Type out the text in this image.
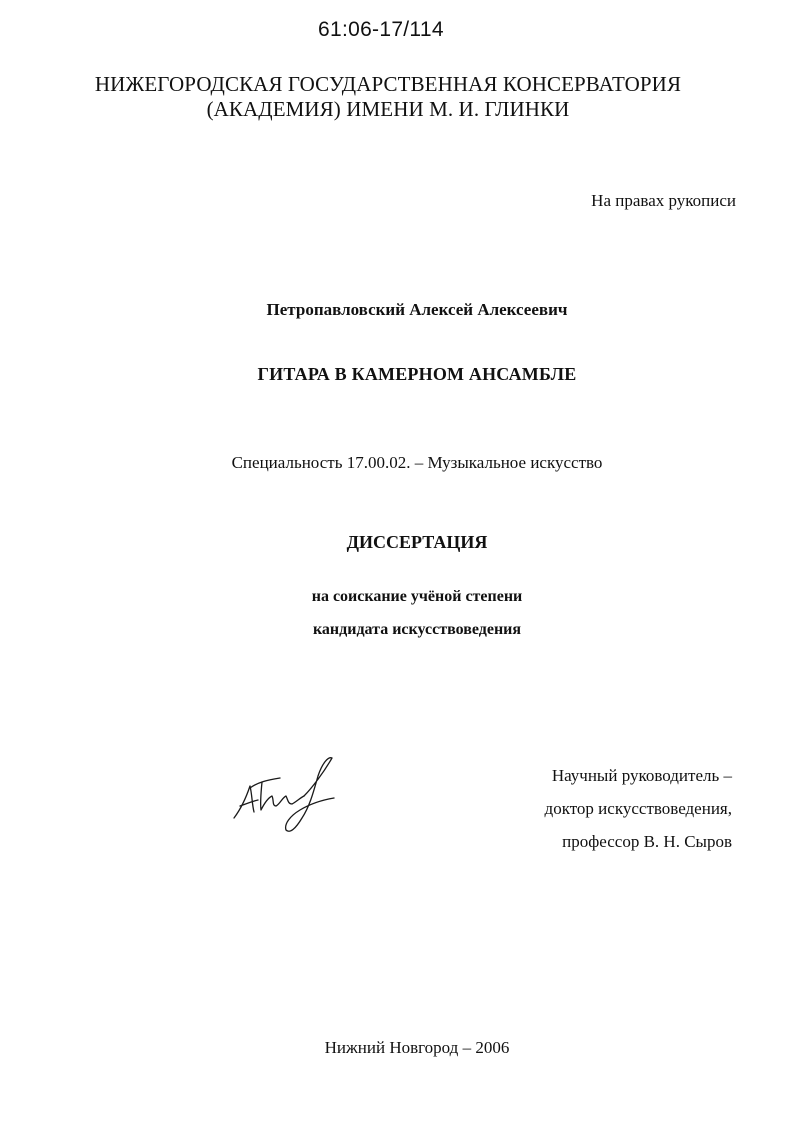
61:06-17/114
НИЖЕГОРОДСКАЯ ГОСУДАРСТВЕННАЯ КОНСЕРВАТОРИЯ
(АКАДЕМИЯ) ИМЕНИ М. И. ГЛИНКИ
На правах рукописи
Петропавловский Алексей Алексеевич
ГИТАРА В КАМЕРНОМ АНСАМБЛЕ
Специальность 17.00.02. – Музыкальное искусство
ДИССЕРТАЦИЯ
на соискание учёной степени
кандидата искусствоведения
Научный руководитель –
доктор искусствоведения,
профессор В. Н. Сыров
Нижний Новгород – 2006
